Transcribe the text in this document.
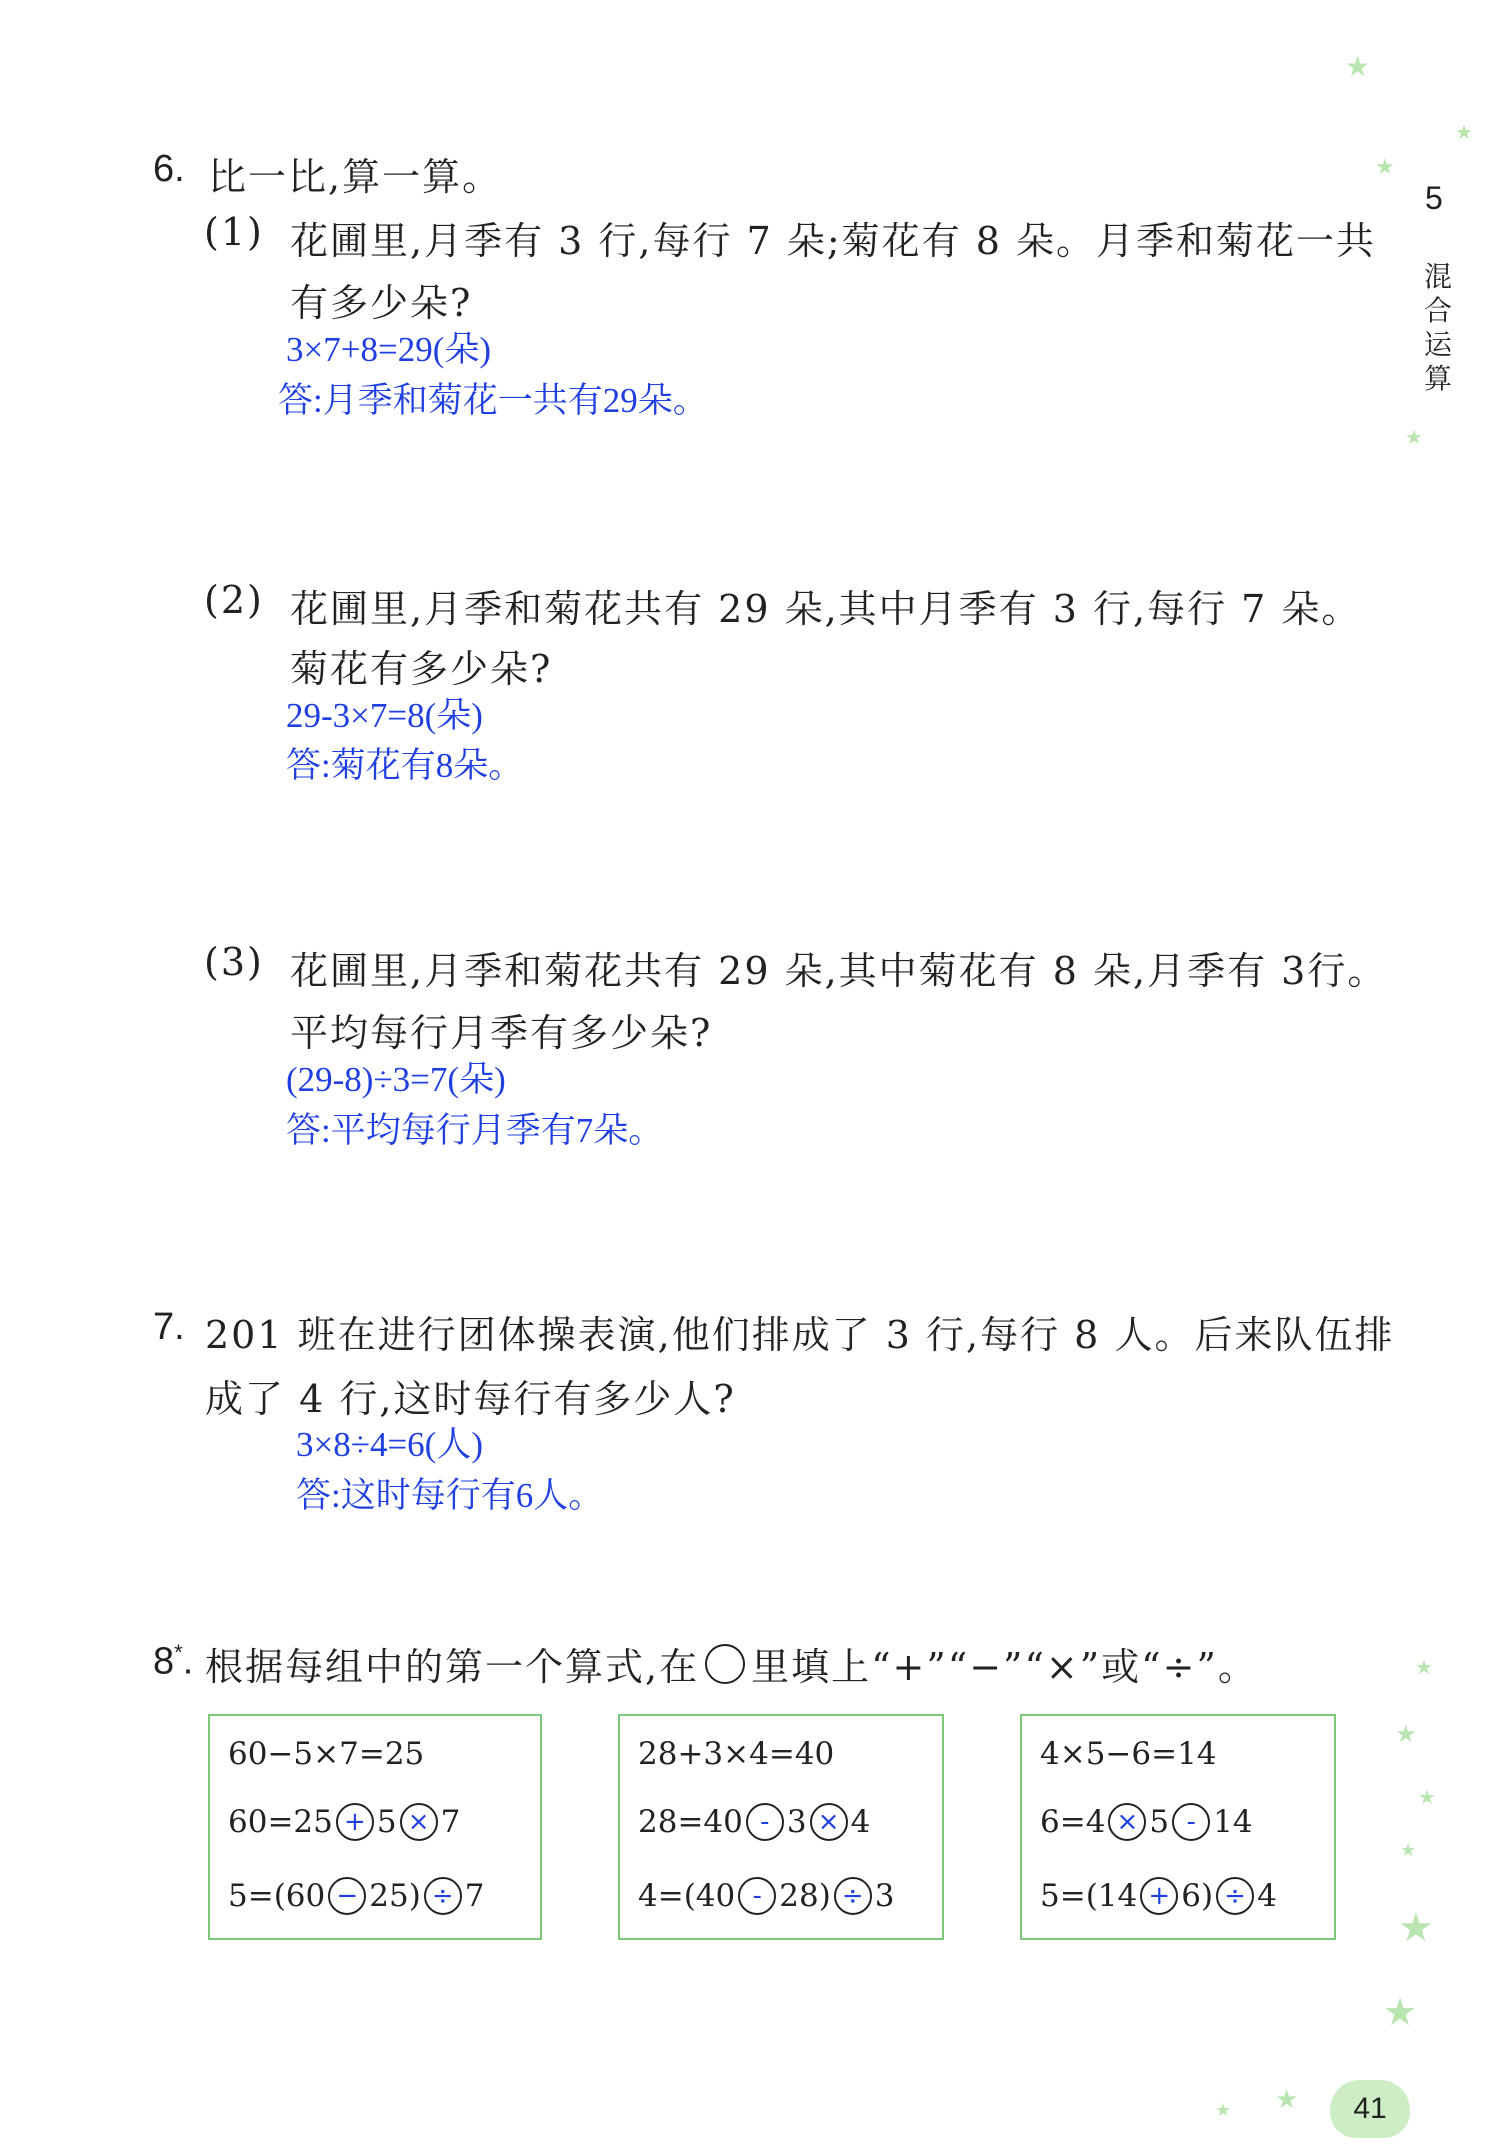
★
★
★
★
★
★
★
★
★
★
★
★
5
混合运算
6. 比一比,算一算。
(1) 花圃里,月季有 3 行,每行 7 朵;菊花有 8 朵。月季和菊花一共
有多少朵?
3×7+8=29(朵)
答:月季和菊花一共有29朵。
(2) 花圃里,月季和菊花共有 29 朵,其中月季有 3 行,每行 7 朵。
菊花有多少朵?
29-3×7=8(朵)
答:菊花有8朵。
(3) 花圃里,月季和菊花共有 29 朵,其中菊花有 8 朵,月季有 3行。
平均每行月季有多少朵?
(29-8)÷3=7(朵)
答:平均每行月季有7朵。
7. 201 班在进行团体操表演,他们排成了 3 行,每行 8 人。后来队伍排
成了 4 行,这时每行有多少人?
3×8÷4=6(人)
答:这时每行有6人。
8*. 根据每组中的第一个算式,在 里填上“+”“−”“×”或“÷”。
60−5×7=25
60=25 + 5 × 7
5=(60 − 25) ÷ 7
28+3×4=40
28=40 - 3 × 4
4=(40 - 28) ÷ 3
4×5−6=14
6=4 × 5 - 14
5=(14 + 6) ÷ 4
41
